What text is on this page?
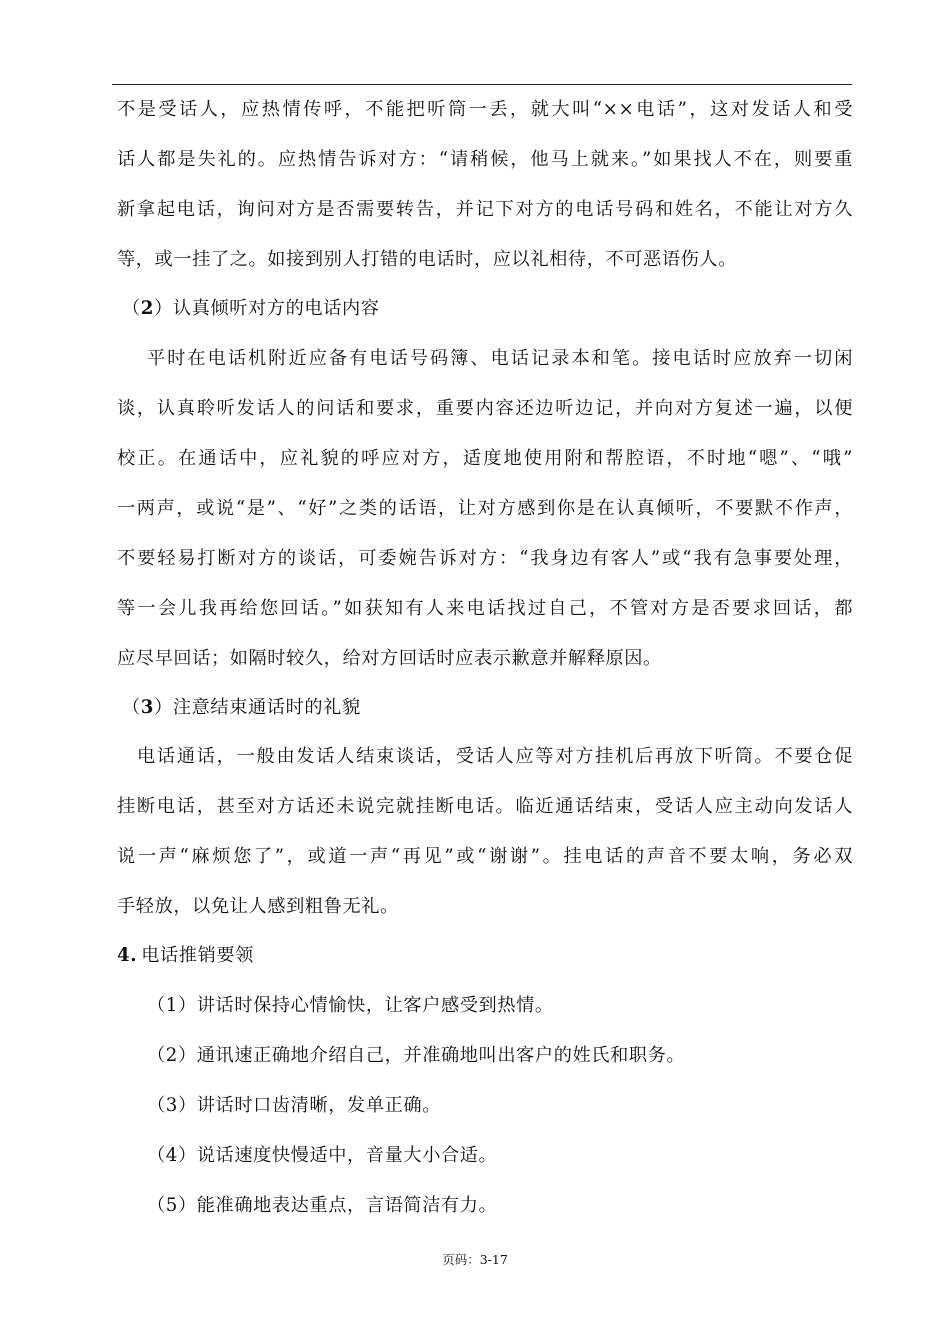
不是受话人，应热情传呼，不能把听筒一丢，就大叫“××电话”，这对发话人和受
话人都是失礼的。应热情告诉对方：“请稍候，他马上就来。”如果找人不在，则要重
新拿起电话，询问对方是否需要转告，并记下对方的电话号码和姓名，不能让对方久
等，或一挂了之。如接到别人打错的电话时，应以礼相待，不可恶语伤人。
（2）认真倾听对方的电话内容
平时在电话机附近应备有电话号码簿、电话记录本和笔。接电话时应放弃一切闲
谈，认真聆听发话人的问话和要求，重要内容还边听边记，并向对方复述一遍，以便
校正。在通话中，应礼貌的呼应对方，适度地使用附和帮腔语，不时地“嗯”、“哦”
一两声，或说“是”、“好”之类的话语，让对方感到你是在认真倾听，不要默不作声，
不要轻易打断对方的谈话，可委婉告诉对方：“我身边有客人”或“我有急事要处理，
等一会儿我再给您回话。”如获知有人来电话找过自己，不管对方是否要求回话，都
应尽早回话；如隔时较久，给对方回话时应表示歉意并解释原因。
（3）注意结束通话时的礼貌
电话通话，一般由发话人结束谈话，受话人应等对方挂机后再放下听筒。不要仓促
挂断电话，甚至对方话还未说完就挂断电话。临近通话结束，受话人应主动向发话人
说一声“麻烦您了”，或道一声“再见”或“谢谢”。挂电话的声音不要太响，务必双
手轻放，以免让人感到粗鲁无礼。
4. 电话推销要领
（1）讲话时保持心情愉快，让客户感受到热情。
（2）通讯速正确地介绍自己，并准确地叫出客户的姓氏和职务。
（3）讲话时口齿清晰，发单正确。
（4）说话速度快慢适中，音量大小合适。
（5）能准确地表达重点，言语简洁有力。
页码：3-17
